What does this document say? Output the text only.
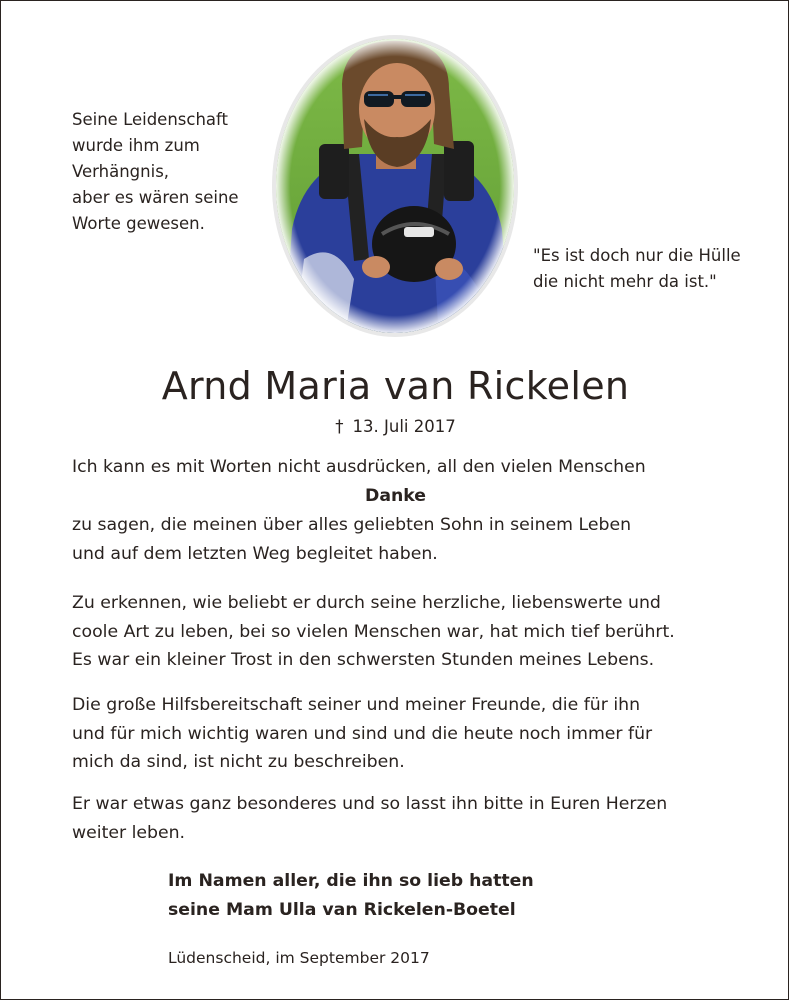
Seine Leidenschaft
wurde ihm zum
Verhängnis,
aber es wären seine
Worte gewesen.

"Es ist doch nur die Hülle
die nicht mehr da ist."

Arnd Maria van Rickelen

† 13. Juli 2017

Ich kann es mit Worten nicht ausdrücken, all den vielen Menschen

Danke

zu sagen, die meinen über alles geliebten Sohn in seinem Leben
und auf dem letzten Weg begleitet haben.

Zu erkennen, wie beliebt er durch seine herzliche, liebenswerte und
coole Art zu leben, bei so vielen Menschen war, hat mich tief berührt.
Es war ein kleiner Trost in den schwersten Stunden meines Lebens.

Die große Hilfsbereitschaft seiner und meiner Freunde, die für ihn
und für mich wichtig waren und sind und die heute noch immer für
mich da sind, ist nicht zu beschreiben.

Er war etwas ganz besonderes und so lasst ihn bitte in Euren Herzen
weiter leben.

Im Namen aller, die ihn so lieb hatten
seine Mam Ulla van Rickelen-Boetel

Lüdenscheid, im September 2017
